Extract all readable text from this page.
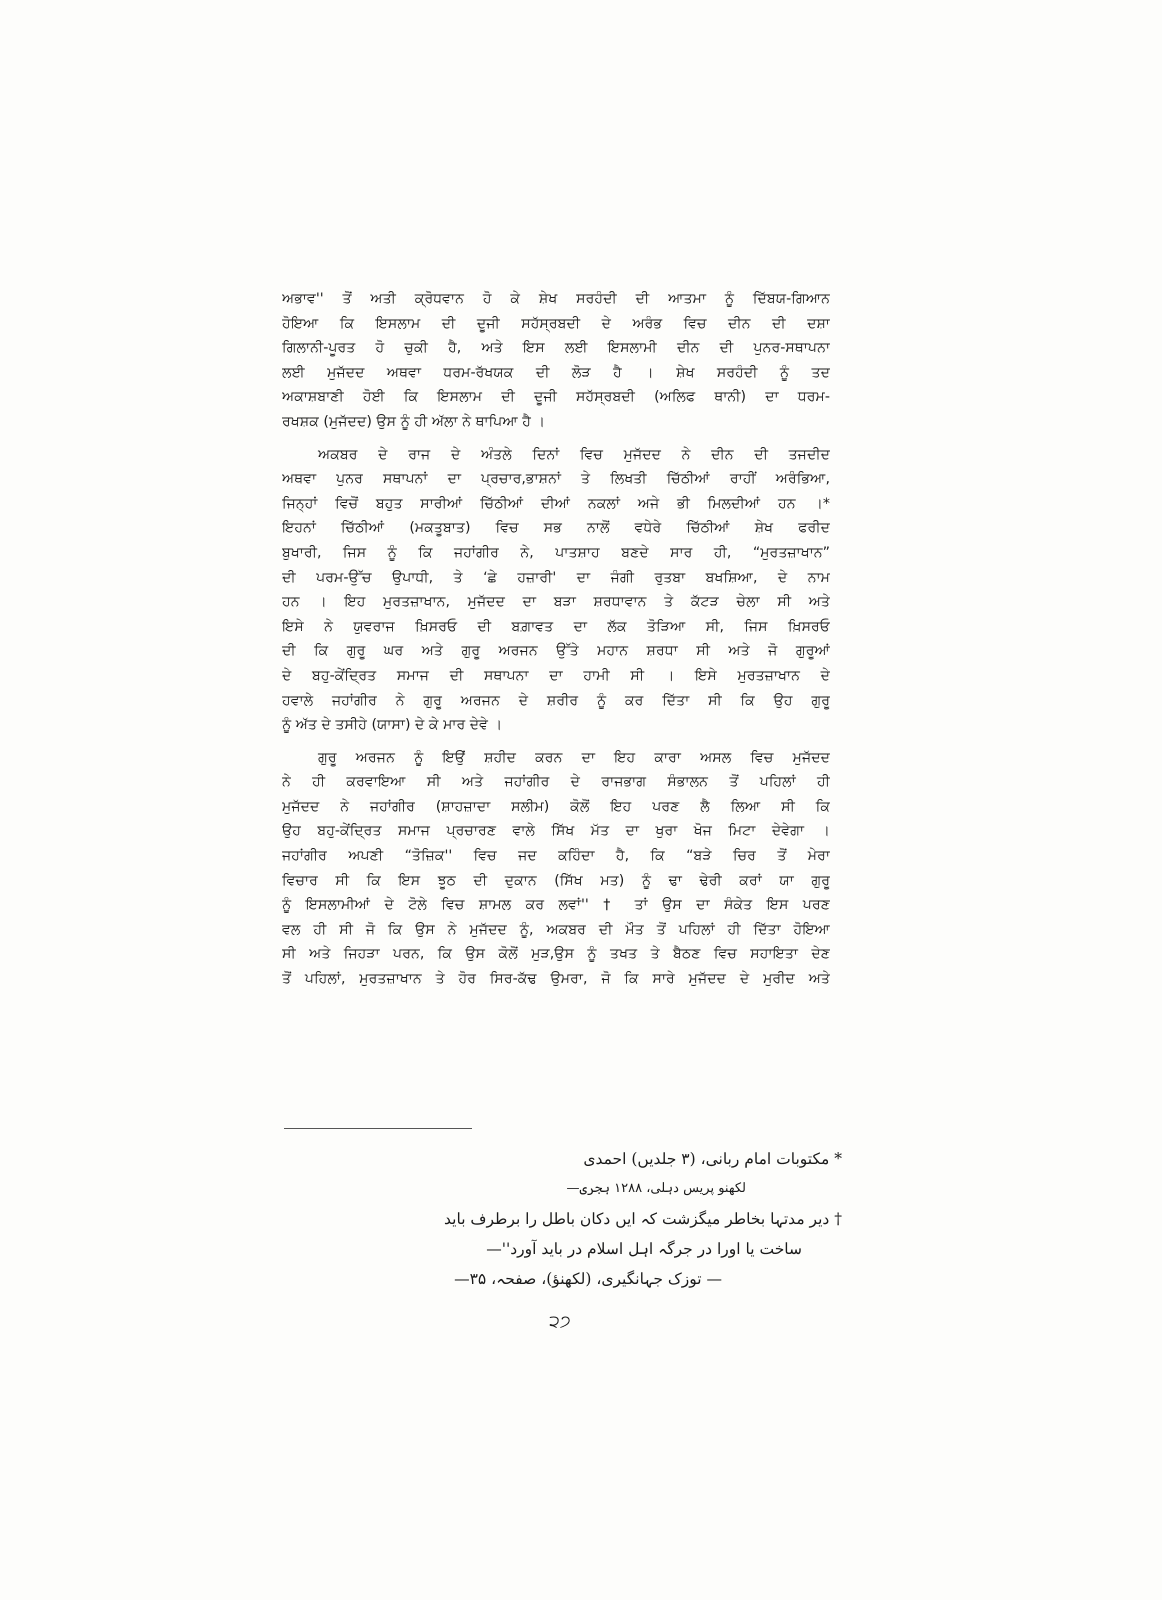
ਅਭਾਵ'' ਤੋਂ ਅਤੀ ਕ੍ਰੋਧਵਾਨ ਹੋ ਕੇ ਸ਼ੇਖ ਸਰਹੰਦੀ ਦੀ ਆਤਮਾ ਨੂੰ ਦਿੱਬਯ-ਗਿਆਨ
ਹੋਇਆ ਕਿ ਇਸਲਾਮ ਦੀ ਦੂਜੀ ਸਹੱਸ੍ਰਬਦੀ ਦੇ ਅਰੰਭ ਵਿਚ ਦੀਨ ਦੀ ਦਸ਼ਾ
ਗਿਲਾਨੀ-ਪੂਰਤ ਹੋ ਚੁਕੀ ਹੈ, ਅਤੇ ਇਸ ਲਈ ਇਸਲਾਮੀ ਦੀਨ ਦੀ ਪੁਨਰ-ਸਥਾਪਨਾ
ਲਈ ਮੁਜੱਦਦ ਅਥਵਾ ਧਰਮ-ਰੱਖਯਕ ਦੀ ਲੋੜ ਹੈ । ਸ਼ੇਖ ਸਰਹੰਦੀ ਨੂੰ ਤਦ
ਅਕਾਸ਼ਬਾਣੀ ਹੋਈ ਕਿ ਇਸਲਾਮ ਦੀ ਦੂਜੀ ਸਹੱਸ੍ਰਬਦੀ (ਅਲਿਫ ਥਾਨੀ) ਦਾ ਧਰਮ-
ਰਖਸ਼ਕ (ਮੁਜੱਦਦ) ਉਸ ਨੂੰ ਹੀ ਅੱਲਾ ਨੇ ਥਾਪਿਆ ਹੈ ।

ਅਕਬਰ ਦੇ ਰਾਜ ਦੇ ਅੰਤਲੇ ਦਿਨਾਂ ਵਿਚ ਮੁਜੱਦਦ ਨੇ ਦੀਨ ਦੀ ਤਜਦੀਦ
ਅਥਵਾ ਪੁਨਰ ਸਥਾਪਨਾਂ ਦਾ ਪ੍ਰਚਾਰ,ਭਾਸ਼ਨਾਂ ਤੇ ਲਿਖਤੀ ਚਿੱਠੀਆਂ ਰਾਹੀਂ ਅਰੰਭਿਆ,
ਜਿਨ੍ਹਾਂ ਵਿਚੋਂ ਬਹੁਤ ਸਾਰੀਆਂ ਚਿੱਠੀਆਂ ਦੀਆਂ ਨਕਲਾਂ ਅਜੇ ਭੀ ਮਿਲਦੀਆਂ ਹਨ ।*
ਇਹਨਾਂ ਚਿੱਠੀਆਂ (ਮਕਤੂਬਾਤ) ਵਿਚ ਸਭ ਨਾਲੋਂ ਵਧੇਰੇ ਚਿੱਠੀਆਂ ਸ਼ੇਖ ਫਰੀਦ
ਬੁਖਾਰੀ, ਜਿਸ ਨੂੰ ਕਿ ਜਹਾਂਗੀਰ ਨੇ, ਪਾਤਸ਼ਾਹ ਬਣਦੇ ਸਾਰ ਹੀ, “ਮੁਰਤਜ਼ਾਖਾਨ”
ਦੀ ਪਰਮ-ਉੱਚ ਉਪਾਧੀ, ਤੇ ‘ਛੇ ਹਜ਼ਾਰੀ' ਦਾ ਜੰਗੀ ਰੁਤਬਾ ਬਖਸ਼ਿਆ, ਦੇ ਨਾਮ
ਹਨ । ਇਹ ਮੁਰਤਜ਼ਾਖਾਨ, ਮੁਜੱਦਦ ਦਾ ਬੜਾ ਸ਼ਰਧਾਵਾਨ ਤੇ ਕੱਟੜ ਚੇਲਾ ਸੀ ਅਤੇ
ਇਸੇ ਨੇ ਯੁਵਰਾਜ ਖ਼ਿਸਰਓ ਦੀ ਬਗ਼ਾਵਤ ਦਾ ਲੱਕ ਤੋੜਿਆ ਸੀ, ਜਿਸ ਖ਼ਿਸਰਓ
ਦੀ ਕਿ ਗੁਰੂ ਘਰ ਅਤੇ ਗੁਰੂ ਅਰਜਨ ਉੱਤੇ ਮਹਾਨ ਸ਼ਰਧਾ ਸੀ ਅਤੇ ਜੋ ਗੁਰੂਆਂ
ਦੇ ਬਹੁ-ਕੇਂਦ੍ਰਿਤ ਸਮਾਜ ਦੀ ਸਥਾਪਨਾ ਦਾ ਹਾਮੀ ਸੀ । ਇਸੇ ਮੁਰਤਜ਼ਾਖਾਨ ਦੇ
ਹਵਾਲੇ ਜਹਾਂਗੀਰ ਨੇ ਗੁਰੂ ਅਰਜਨ ਦੇ ਸ਼ਰੀਰ ਨੂੰ ਕਰ ਦਿੱਤਾ ਸੀ ਕਿ ਉਹ ਗੁਰੂ
ਨੂੰ ਅੱਤ ਦੇ ਤਸੀਹੇ (ਯਾਸਾ) ਦੇ ਕੇ ਮਾਰ ਦੇਵੇ ।

ਗੁਰੂ ਅਰਜਨ ਨੂੰ ਇਉਂ ਸ਼ਹੀਦ ਕਰਨ ਦਾ ਇਹ ਕਾਰਾ ਅਸਲ ਵਿਚ ਮੁਜੱਦਦ
ਨੇ ਹੀ ਕਰਵਾਇਆ ਸੀ ਅਤੇ ਜਹਾਂਗੀਰ ਦੇ ਰਾਜਭਾਗ ਸੰਭਾਲਨ ਤੋਂ ਪਹਿਲਾਂ ਹੀ
ਮੁਜੱਦਦ ਨੇ ਜਹਾਂਗੀਰ (ਸ਼ਾਹਜ਼ਾਦਾ ਸਲੀਮ) ਕੋਲੋਂ ਇਹ ਪਰਣ ਲੈ ਲਿਆ ਸੀ ਕਿ
ਉਹ ਬਹੁ-ਕੇਂਦ੍ਰਿਤ ਸਮਾਜ ਪ੍ਰਚਾਰਣ ਵਾਲੇ ਸਿੱਖ ਮੱਤ ਦਾ ਖੁਰਾ ਖੋਜ ਮਿਟਾ ਦੇਵੇਗਾ ।
ਜਹਾਂਗੀਰ ਅਪਣੀ “ਤੋਜ਼ਿਕ'' ਵਿਚ ਜਦ ਕਹਿੰਦਾ ਹੈ, ਕਿ “ਬੜੇ ਚਿਰ ਤੋਂ ਮੇਰਾ
ਵਿਚਾਰ ਸੀ ਕਿ ਇਸ ਝੂਠ ਦੀ ਦੁਕਾਨ (ਸਿੱਖ ਮਤ) ਨੂੰ ਢਾ ਢੇਰੀ ਕਰਾਂ ਯਾ ਗੁਰੂ
ਨੂੰ ਇਸਲਾਮੀਆਂ ਦੇ ਟੋਲੇ ਵਿਚ ਸ਼ਾਮਲ ਕਰ ਲਵਾਂ'' † ਤਾਂ ਉਸ ਦਾ ਸੰਕੇਤ ਇਸ ਪਰਣ
ਵਲ ਹੀ ਸੀ ਜੋ ਕਿ ਉਸ ਨੇ ਮੁਜੱਦਦ ਨੂੰ, ਅਕਬਰ ਦੀ ਮੌਤ ਤੋਂ ਪਹਿਲਾਂ ਹੀ ਦਿੱਤਾ ਹੋਇਆ
ਸੀ ਅਤੇ ਜਿਹੜਾ ਪਰਨ, ਕਿ ਉਸ ਕੋਲੋਂ ਮੁੜ,ਉਸ ਨੂੰ ਤਖਤ ਤੇ ਬੈਠਣ ਵਿਚ ਸਹਾਇਤਾ ਦੇਣ
ਤੋਂ ਪਹਿਲਾਂ, ਮੁਰਤਜ਼ਾਖਾਨ ਤੇ ਹੋਰ ਸਿਰ-ਕੱਢ ਉਮਰਾ, ਜੋ ਕਿ ਸਾਰੇ ਮੁਜੱਦਦ ਦੇ ਮੁਰੀਦ ਅਤੇ

* مکتوبات امام ربانی، (۳ جلدیں) احمدی
لکھنو پریس دہلی، ۱۲۸۸ ہجری—
† دیر مدتہا بخاطر میگزشت کہ ایں دکان باطل را برطرف باید
ساخت یا اورا در جرگہ اہل اسلام در باید آورد''—
— توزک جہانگیری، (لکھنؤ)، صفحہ، ۳۵—
੨੭
